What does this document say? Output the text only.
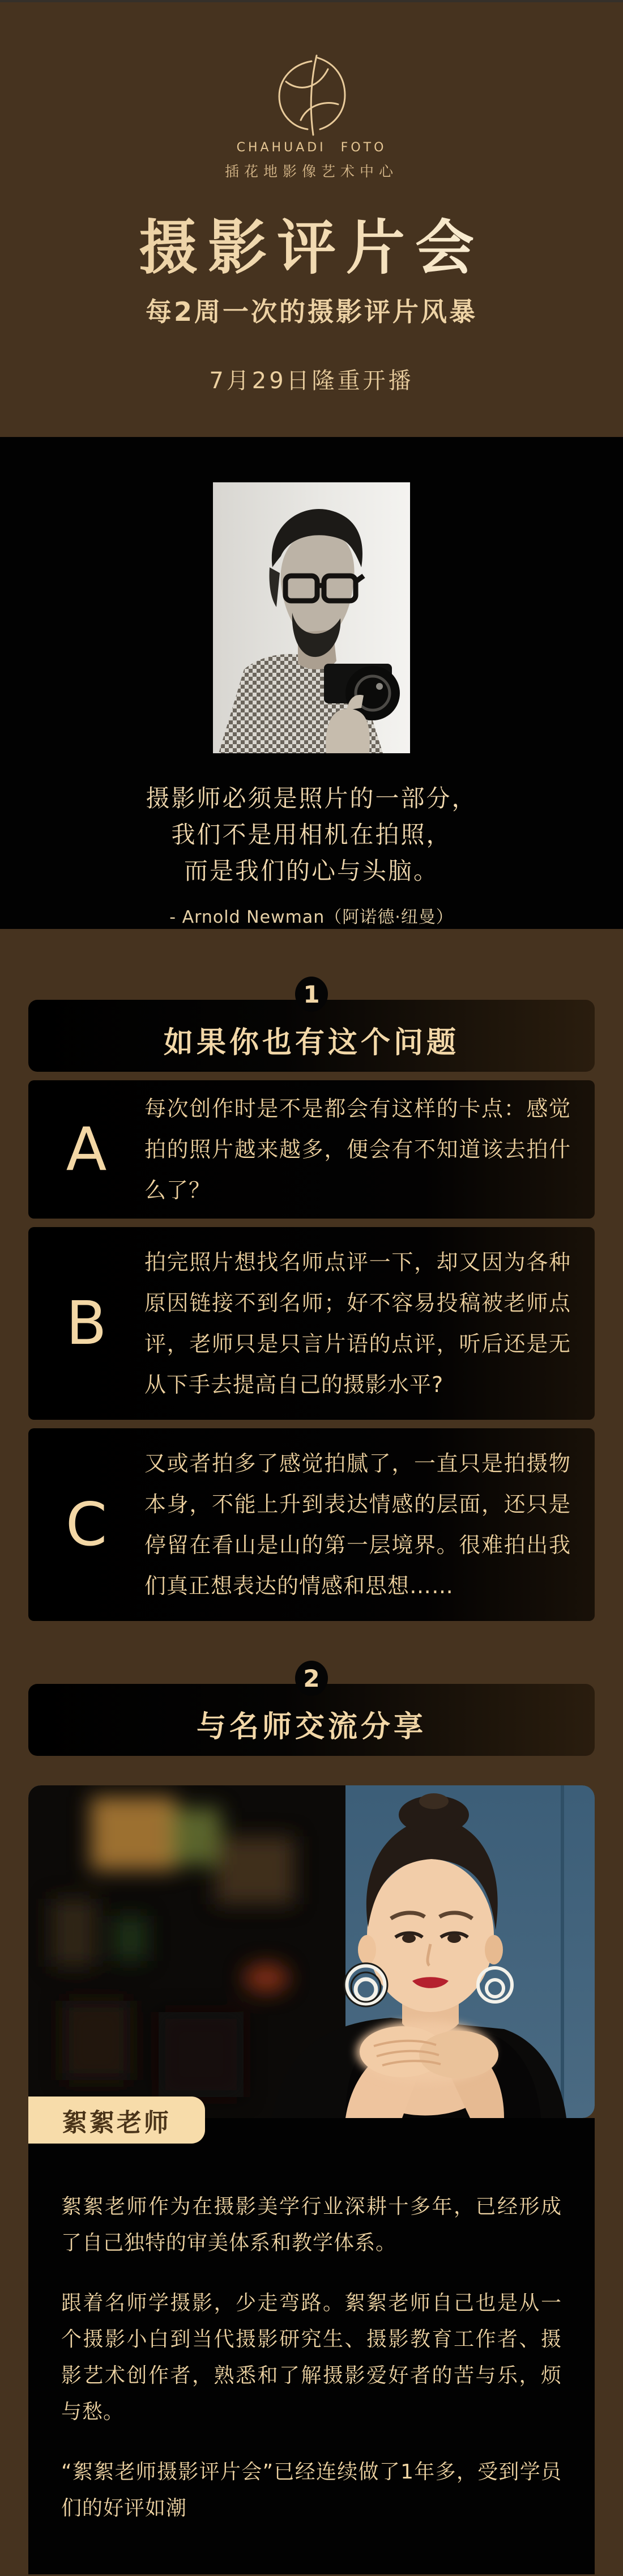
CHAHUADI FOTO
插花地影像艺术中心
摄影评片会
每2周一次的摄影评片风暴
7月29日隆重开播
摄影师必须是照片的一部分，
我们不是用相机在拍照，
而是我们的心与头脑。
- Arnold Newman（阿诺德·纽曼）
1
如果你也有这个问题
A
每次创作时是不是都会有这样的卡点：感觉拍的照片越来越多，便会有不知道该去拍什么了？
B
拍完照片想找名师点评一下，却又因为各种原因链接不到名师；好不容易投稿被老师点评，老师只是只言片语的点评，听后还是无从下手去提高自己的摄影水平?
C
又或者拍多了感觉拍腻了，一直只是拍摄物本身，不能上升到表达情感的层面，还只是停留在看山是山的第一层境界。很难拍出我们真正想表达的情感和思想……
2
与名师交流分享
絮絮老师

絮絮老师作为在摄影美学行业深耕十多年，已经形成了自己独特的审美体系和教学体系。

跟着名师学摄影，少走弯路。絮絮老师自己也是从一个摄影小白到当代摄影研究生、摄影教育工作者、摄影艺术创作者，熟悉和了解摄影爱好者的苦与乐，烦与愁。

“絮絮老师摄影评片会”已经连续做了1年多，受到学员们的好评如潮
